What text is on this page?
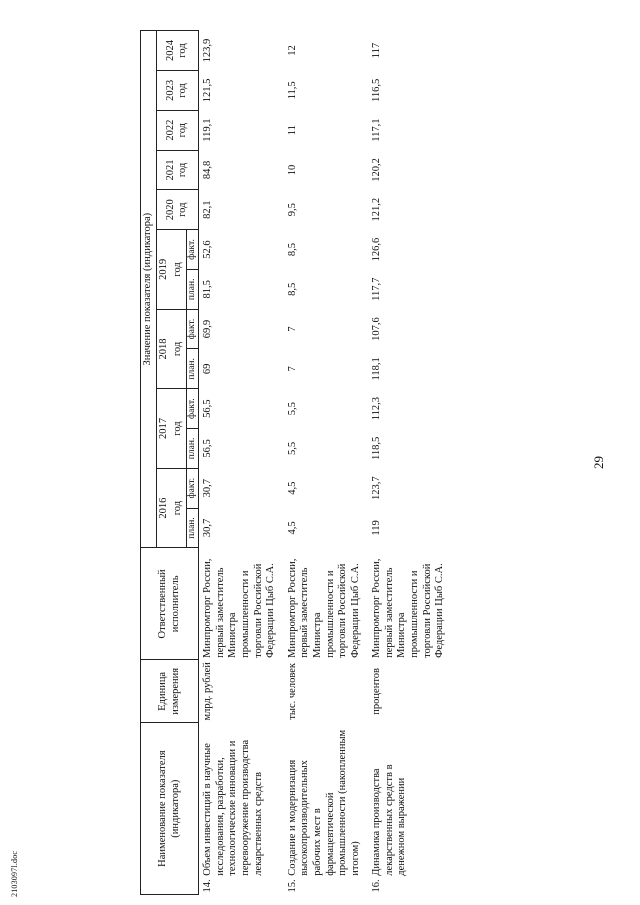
29
2103097l.doc
Наименование показателя (индикатора)		Единица измерения	Ответственный исполнитель	Значение показателя (индикатора)												
				2016		2017		2018		2019		2020 год	2021 год	2022 год	2023 год	2024 год
				год		год		год		год						
				план.	факт.	план.	факт.	план.	факт.	план.	факт.					
14.	Объем инвестиций в научные исследования, разработки, технологические инновации и перевооружение производства лекарственных средств	млрд. рублей	Минпромторг России, первый заместитель Министра промышленности и торговли Российской Федерации Цыб С.А.	30,7	30,7	56,5	56,5	69	69,9	81,5	52,6	82,1	84,8	119,1	121,5	123,9
15.	Создание и модернизация высокопроизводительных рабочих мест в фармацевтической промышленности (накопленным итогом)	тыс. человек	Минпромторг России, первый заместитель Министра промышленности и торговли Российской Федерации Цыб С.А.	4,5	4,5	5,5	5,5	7	7	8,5	8,5	9,5	10	11	11,5	12
16.	Динамика производства лекарственных средств в денежном выражении	процентов	Минпромторг России, первый заместитель Министра промышленности и торговли Российской Федерации Цыб С.А.	119	123,7	118,5	112,3	118,1	107,6	117,7	126,6	121,2	120,2	117,1	116,5	117
